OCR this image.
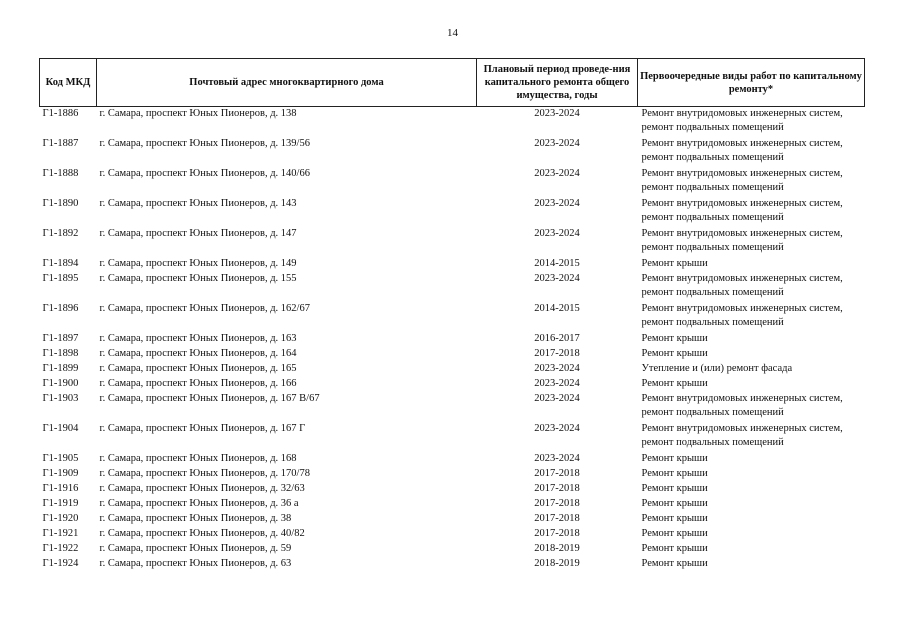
14
Код МКД	Почтовый адрес многоквартирного дома	Плановый период проведе-ния капитального ремонта общего имущества, годы	Первоочередные виды работ по капитальному ремонту*
Г1-1886	г. Самара, проспект Юных Пионеров, д. 138	2023-2024	Ремонт внутридомовых инженерных систем,
ремонт подвальных помещений

Г1-1887	г. Самара, проспект Юных Пионеров, д. 139/56	2023-2024	Ремонт внутридомовых инженерных систем,
ремонт подвальных помещений

Г1-1888	г. Самара, проспект Юных Пионеров, д. 140/66	2023-2024	Ремонт внутридомовых инженерных систем,
ремонт подвальных помещений

Г1-1890	г. Самара, проспект Юных Пионеров, д. 143	2023-2024	Ремонт внутридомовых инженерных систем,
ремонт подвальных помещений

Г1-1892	г. Самара, проспект Юных Пионеров, д. 147	2023-2024	Ремонт внутридомовых инженерных систем,
ремонт подвальных помещений

Г1-1894	г. Самара, проспект Юных Пионеров, д. 149	2014-2015	Ремонт крыши

Г1-1895	г. Самара, проспект Юных Пионеров, д. 155	2023-2024	Ремонт внутридомовых инженерных систем,
ремонт подвальных помещений

Г1-1896	г. Самара, проспект Юных Пионеров, д. 162/67	2014-2015	Ремонт внутридомовых инженерных систем,
ремонт подвальных помещений

Г1-1897	г. Самара, проспект Юных Пионеров, д. 163	2016-2017	Ремонт крыши

Г1-1898	г. Самара, проспект Юных Пионеров, д. 164	2017-2018	Ремонт крыши

Г1-1899	г. Самара, проспект Юных Пионеров, д. 165	2023-2024	Утепление и (или) ремонт фасада

Г1-1900	г. Самара, проспект Юных Пионеров, д. 166	2023-2024	Ремонт крыши

Г1-1903	г. Самара, проспект Юных Пионеров, д. 167 В/67	2023-2024	Ремонт внутридомовых инженерных систем,
ремонт подвальных помещений

Г1-1904	г. Самара, проспект Юных Пионеров, д. 167 Г	2023-2024	Ремонт внутридомовых инженерных систем,
ремонт подвальных помещений

Г1-1905	г. Самара, проспект Юных Пионеров, д. 168	2023-2024	Ремонт крыши

Г1-1909	г. Самара, проспект Юных Пионеров, д. 170/78	2017-2018	Ремонт крыши

Г1-1916	г. Самара, проспект Юных Пионеров, д. 32/63	2017-2018	Ремонт крыши

Г1-1919	г. Самара, проспект Юных Пионеров, д. 36 а	2017-2018	Ремонт крыши

Г1-1920	г. Самара, проспект Юных Пионеров, д. 38	2017-2018	Ремонт крыши

Г1-1921	г. Самара, проспект Юных Пионеров, д. 40/82	2017-2018	Ремонт крыши

Г1-1922	г. Самара, проспект Юных Пионеров, д. 59	2018-2019	Ремонт крыши

Г1-1924	г. Самара, проспект Юных Пионеров, д. 63	2018-2019	Ремонт крыши
